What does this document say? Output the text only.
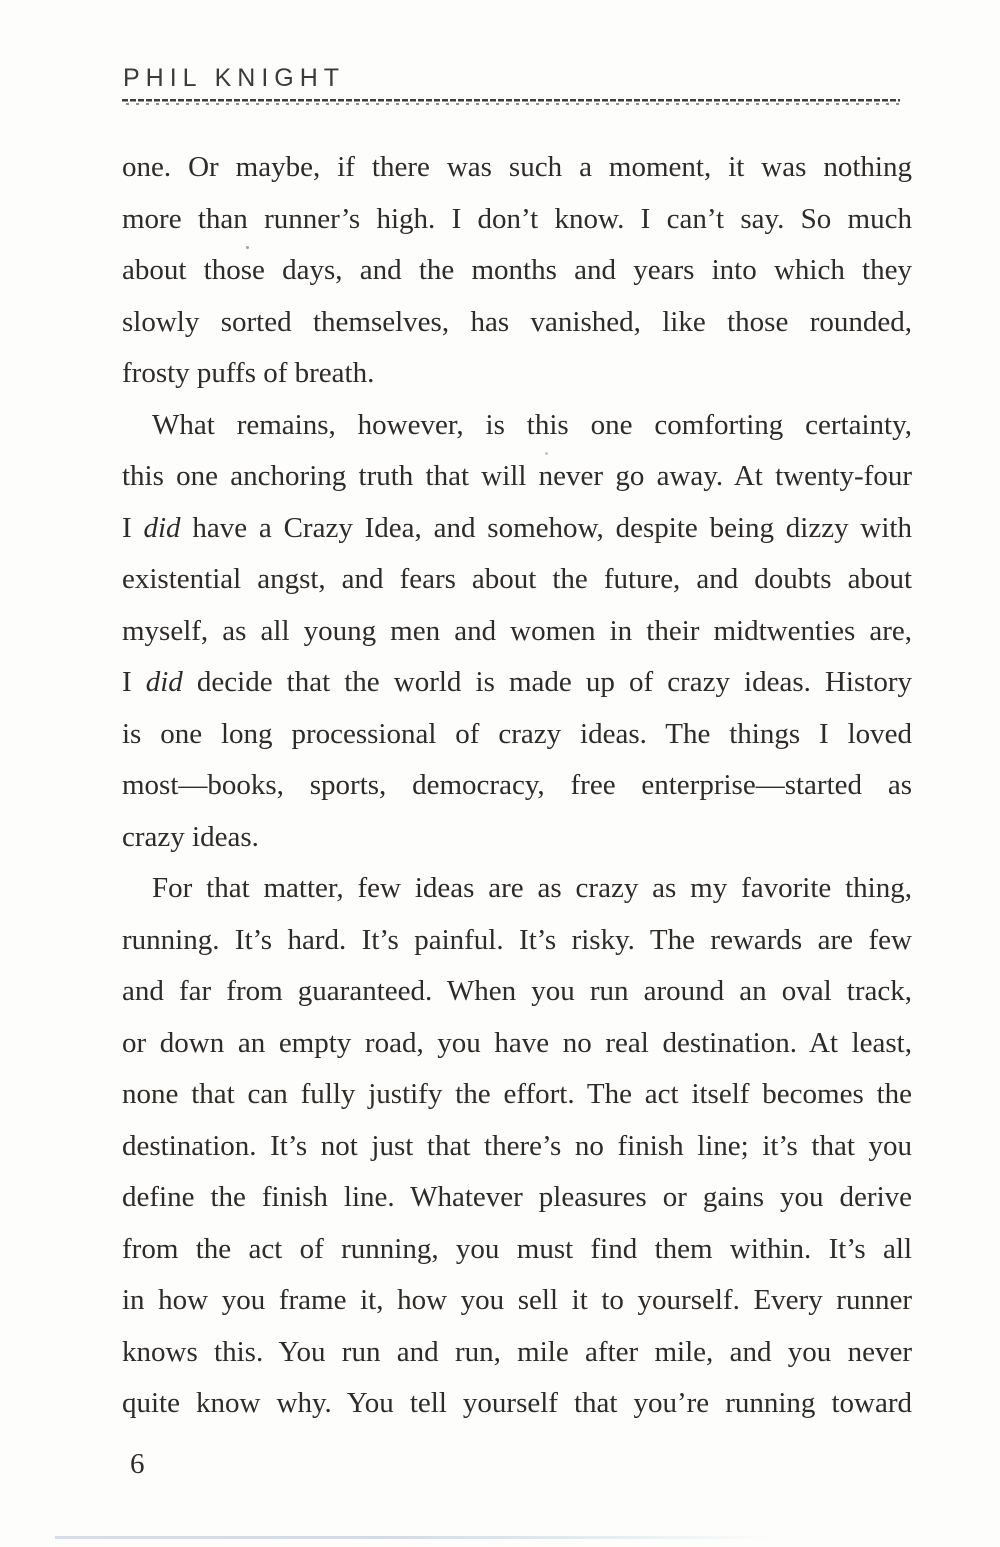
PHIL KNIGHT
one. Or maybe, if there was such a moment, it was nothing
more than runner’s high. I don’t know. I can’t say. So much
about those days, and the months and years into which they
slowly sorted themselves, has vanished, like those rounded,
frosty puffs of breath.
What remains, however, is this one comforting certainty,
this one anchoring truth that will never go away. At twenty-four
I did have a Crazy Idea, and somehow, despite being dizzy with
existential angst, and fears about the future, and doubts about
myself, as all young men and women in their midtwenties are,
I did decide that the world is made up of crazy ideas. History
is one long processional of crazy ideas. The things I loved
most—books, sports, democracy, free enterprise—started as
crazy ideas.
For that matter, few ideas are as crazy as my favorite thing,
running. It’s hard. It’s painful. It’s risky. The rewards are few
and far from guaranteed. When you run around an oval track,
or down an empty road, you have no real destination. At least,
none that can fully justify the effort. The act itself becomes the
destination. It’s not just that there’s no finish line; it’s that you
define the finish line. Whatever pleasures or gains you derive
from the act of running, you must find them within. It’s all
in how you frame it, how you sell it to yourself. Every runner
knows this. You run and run, mile after mile, and you never
quite know why. You tell yourself that you’re running toward
6
